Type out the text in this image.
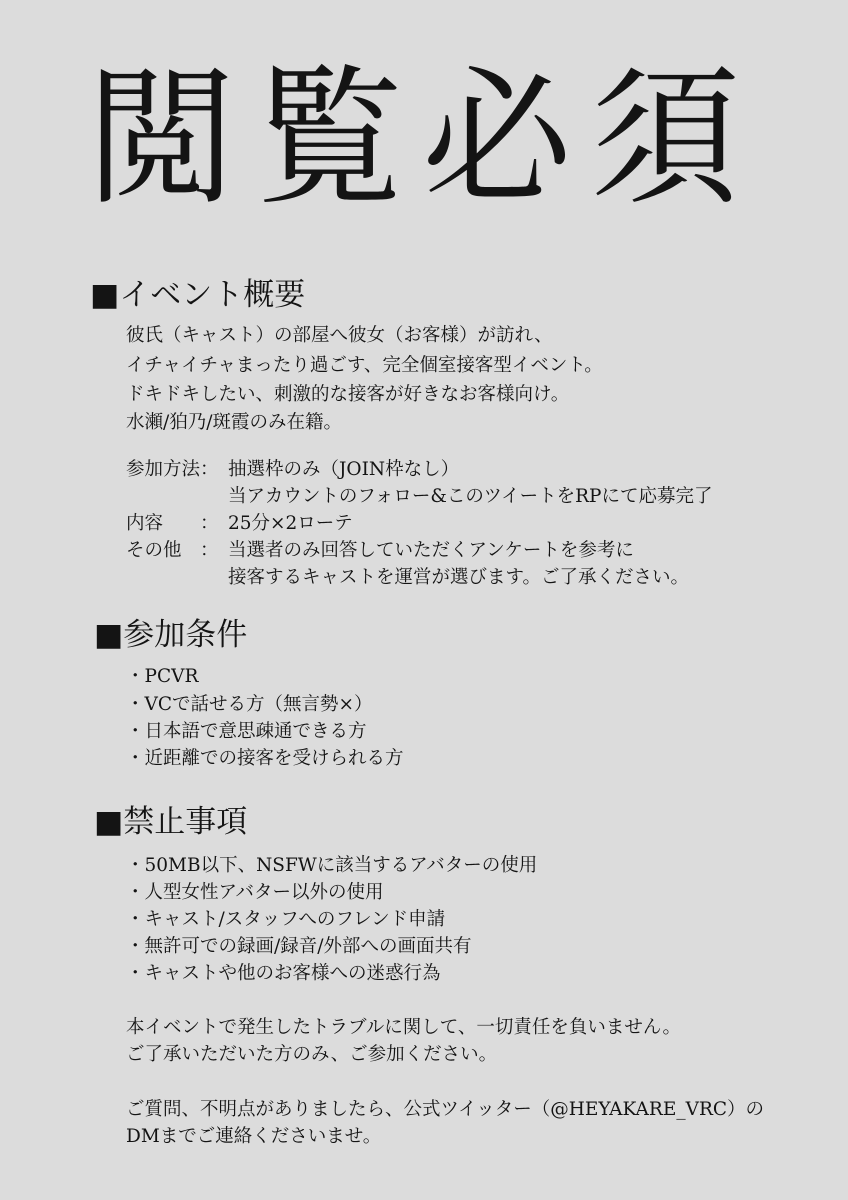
閲覧必須
■イベント概要
彼氏（キャスト）の部屋へ彼女（お客様）が訪れ、
イチャイチャまったり過ごす、完全個室接客型イベント。
ドキドキしたい、刺激的な接客が好きなお客様向け。
水瀬/狛乃/斑霞のみ在籍。
参加方法： 抽選枠のみ（JOIN枠なし）
当アカウントのフォロー&このツイートをRPにて応募完了
内容　　： 25分×2ローテ
その他　： 当選者のみ回答していただくアンケートを参考に
接客するキャストを運営が選びます。ご了承ください。
■参加条件
・PCVR
・VCで話せる方（無言勢×）
・日本語で意思疎通できる方
・近距離での接客を受けられる方
■禁止事項
・50MB以下、NSFWに該当するアバターの使用
・人型女性アバター以外の使用
・キャスト/スタッフへのフレンド申請
・無許可での録画/録音/外部への画面共有
・キャストや他のお客様への迷惑行為
本イベントで発生したトラブルに関して、一切責任を負いません。
ご了承いただいた方のみ、ご参加ください。
ご質問、不明点がありましたら、公式ツイッター（@HEYAKARE_VRC）の
DMまでご連絡くださいませ。
